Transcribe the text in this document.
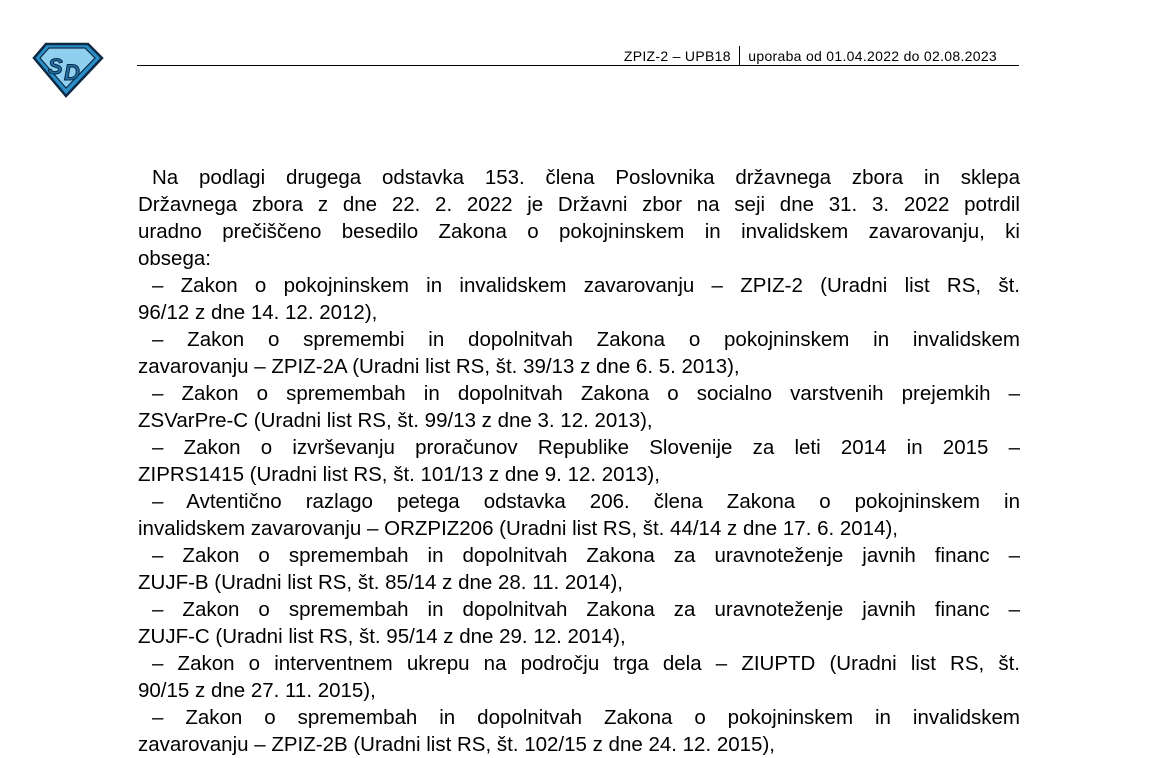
S D
ZPIZ-2 – UPB18 uporaba od 01.04.2022 do 02.08.2023
Na podlagi drugega odstavka 153. člena Poslovnika državnega zbora in sklepa
Državnega zbora z dne 22. 2. 2022 je Državni zbor na seji dne 31. 3. 2022 potrdil
uradno prečiščeno besedilo Zakona o pokojninskem in invalidskem zavarovanju, ki
obsega:
– Zakon o pokojninskem in invalidskem zavarovanju – ZPIZ-2 (Uradni list RS, št.
96/12 z dne 14. 12. 2012),
– Zakon o spremembi in dopolnitvah Zakona o pokojninskem in invalidskem
zavarovanju – ZPIZ-2A (Uradni list RS, št. 39/13 z dne 6. 5. 2013),
– Zakon o spremembah in dopolnitvah Zakona o socialno varstvenih prejemkih –
ZSVarPre-C (Uradni list RS, št. 99/13 z dne 3. 12. 2013),
– Zakon o izvrševanju proračunov Republike Slovenije za leti 2014 in 2015 –
ZIPRS1415 (Uradni list RS, št. 101/13 z dne 9. 12. 2013),
– Avtentično razlago petega odstavka 206. člena Zakona o pokojninskem in
invalidskem zavarovanju – ORZPIZ206 (Uradni list RS, št. 44/14 z dne 17. 6. 2014),
– Zakon o spremembah in dopolnitvah Zakona za uravnoteženje javnih financ –
ZUJF-B (Uradni list RS, št. 85/14 z dne 28. 11. 2014),
– Zakon o spremembah in dopolnitvah Zakona za uravnoteženje javnih financ –
ZUJF-C (Uradni list RS, št. 95/14 z dne 29. 12. 2014),
– Zakon o interventnem ukrepu na področju trga dela – ZIUPTD (Uradni list RS, št.
90/15 z dne 27. 11. 2015),
– Zakon o spremembah in dopolnitvah Zakona o pokojninskem in invalidskem
zavarovanju – ZPIZ-2B (Uradni list RS, št. 102/15 z dne 24. 12. 2015),
